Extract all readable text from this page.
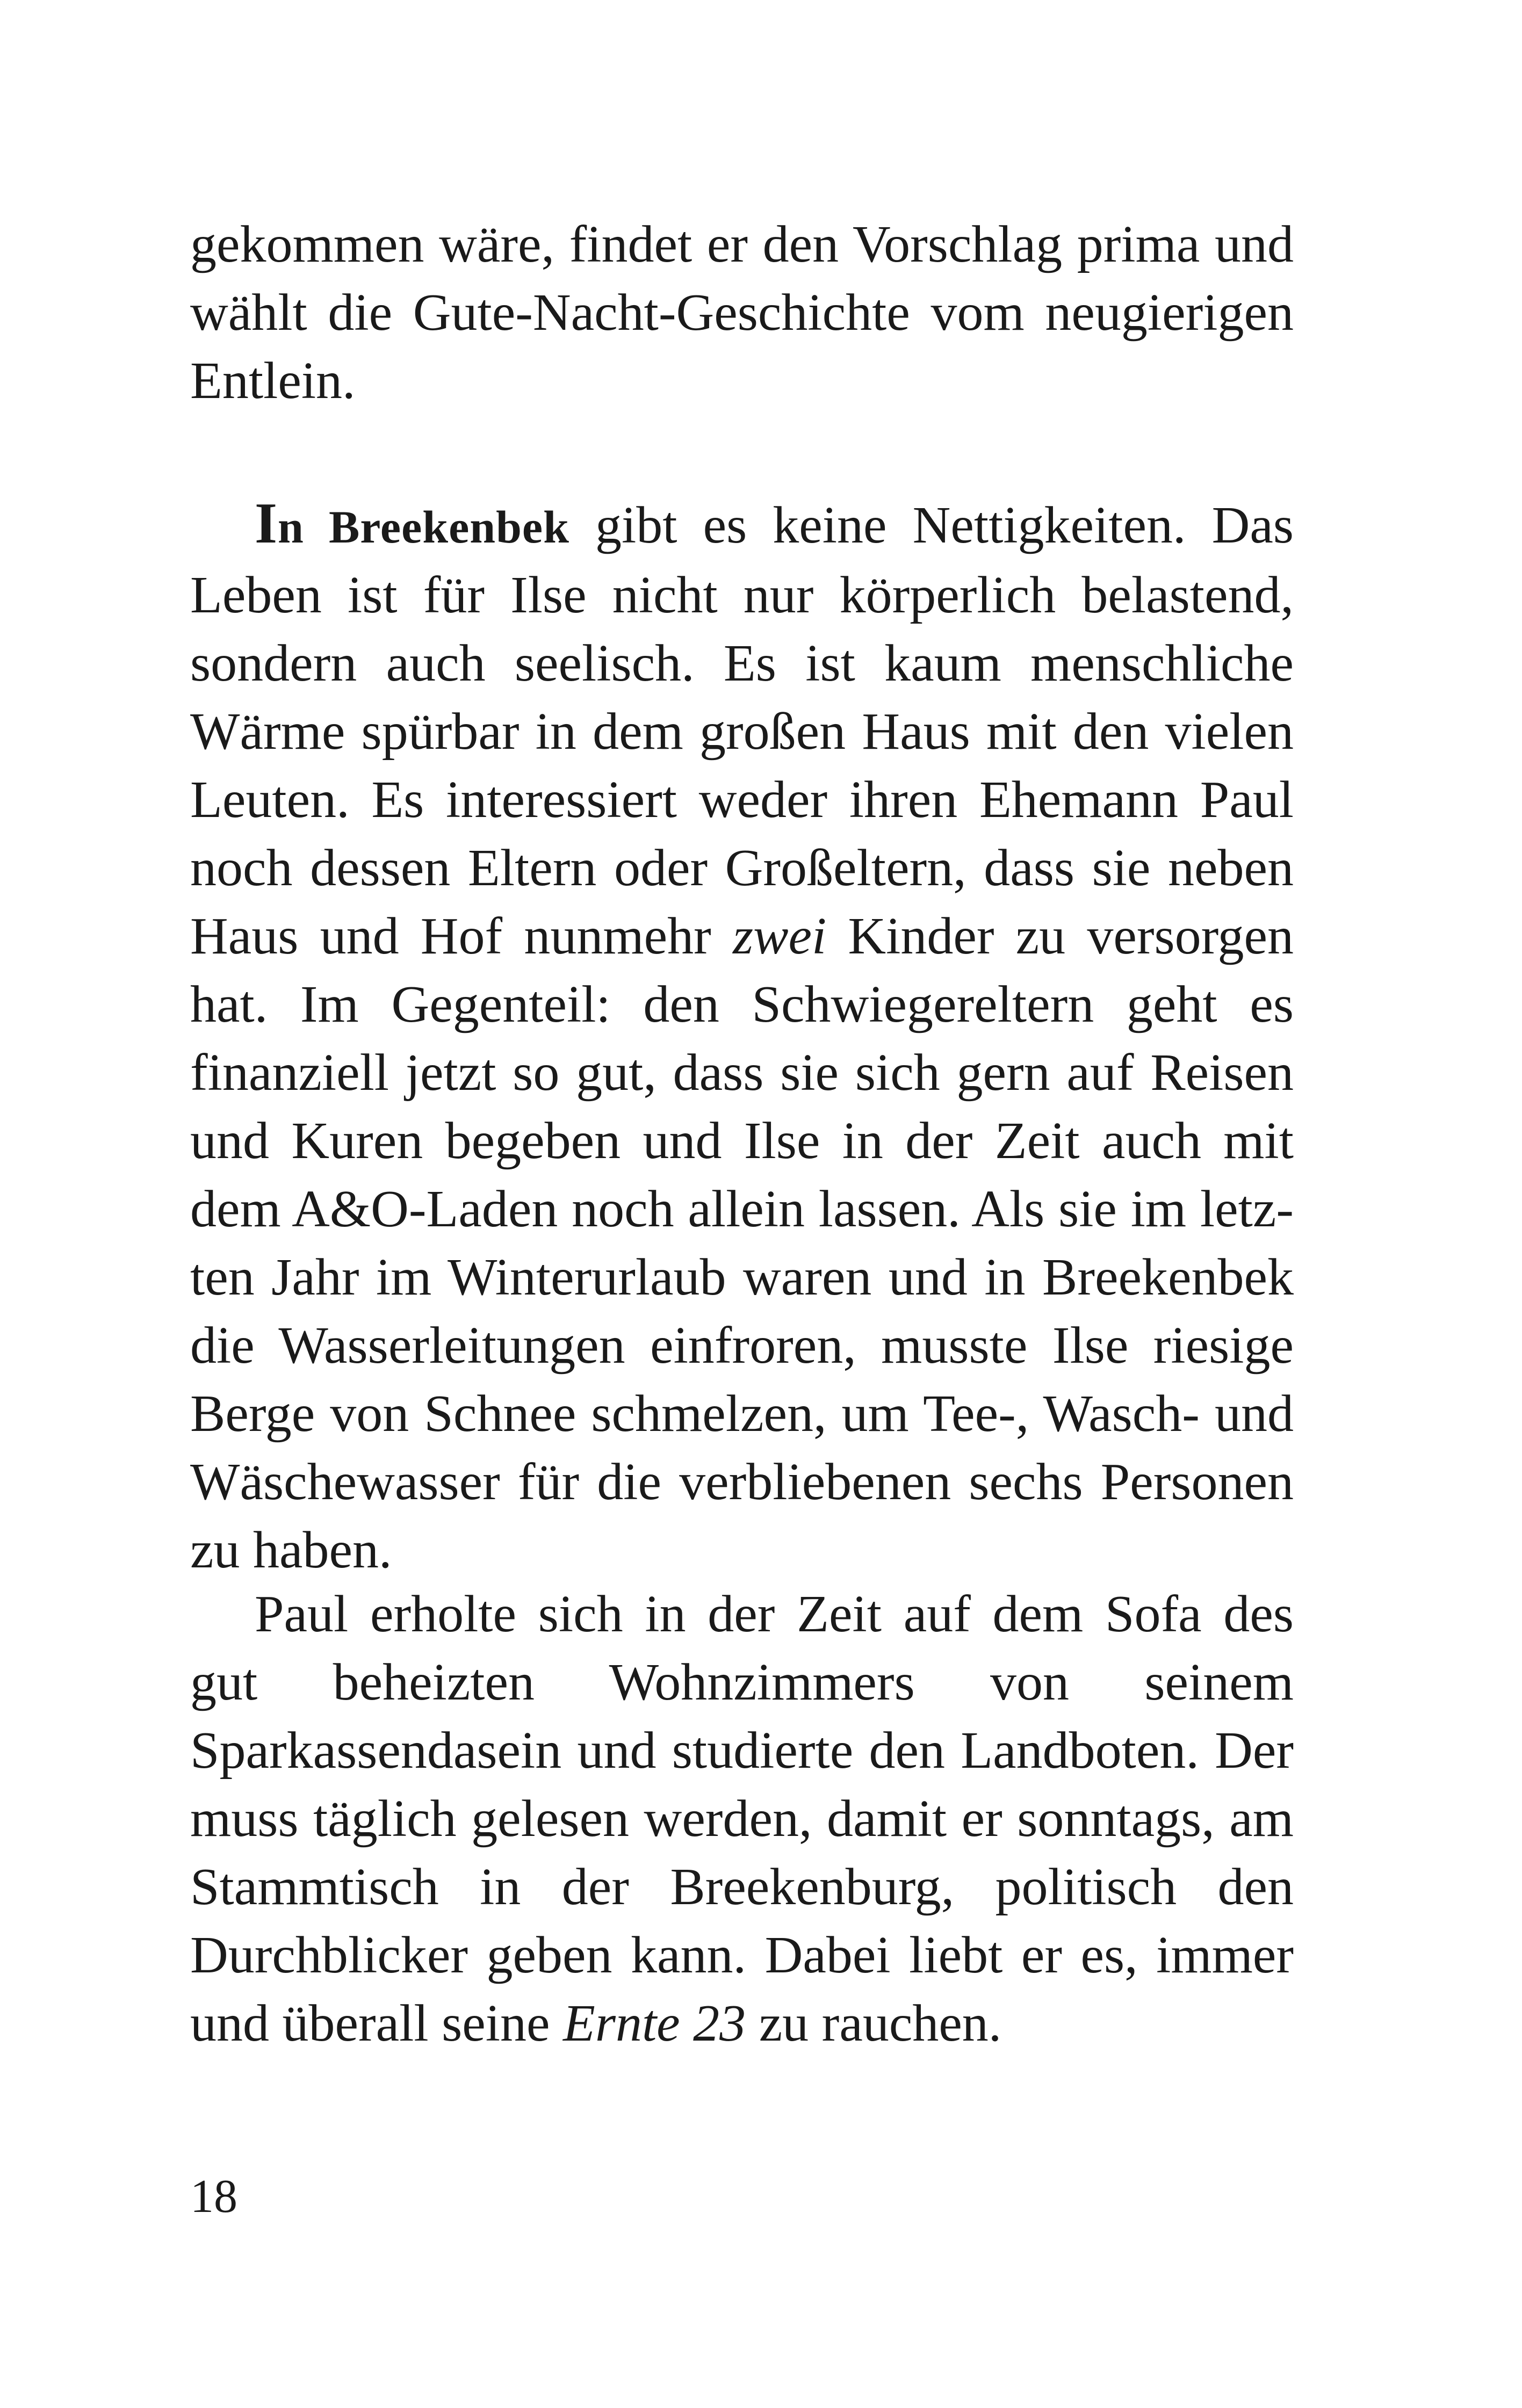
gekommen wäre, findet er den Vorschlag prima und wählt die Gute-Nacht-Geschichte vom neugierigen Entlein.

In Breekenbek gibt es keine Nettigkeiten. Das Leben ist für Ilse nicht nur körperlich belastend, sondern auch seelisch. Es ist kaum menschliche Wärme spürbar in dem großen Haus mit den vielen Leuten. Es interessiert weder ihren Ehemann Paul noch dessen Eltern oder Großeltern, dass sie neben Haus und Hof nunmehr zwei Kinder zu versorgen hat. Im Gegenteil: den Schwiegereltern geht es finanziell jetzt so gut, dass sie sich gern auf Reisen und Kuren begeben und Ilse in der Zeit auch mit dem A&O-Laden noch allein lassen. Als sie im letzten Jahr im Winterurlaub waren und in Breekenbek die Wasserleitungen einfroren, musste Ilse riesige Berge von Schnee schmelzen, um Tee-, Wasch- und Wäschewasser für die verbliebenen sechs Personen zu haben.

Paul erholte sich in der Zeit auf dem Sofa des gut beheizten Wohnzimmers von seinem Sparkassendasein und studierte den Landboten. Der muss täglich gelesen werden, damit er sonntags, am Stammtisch in der Breekenburg, politisch den Durchblicker geben kann. Dabei liebt er es, immer und überall seine Ernte 23 zu rauchen.

18
